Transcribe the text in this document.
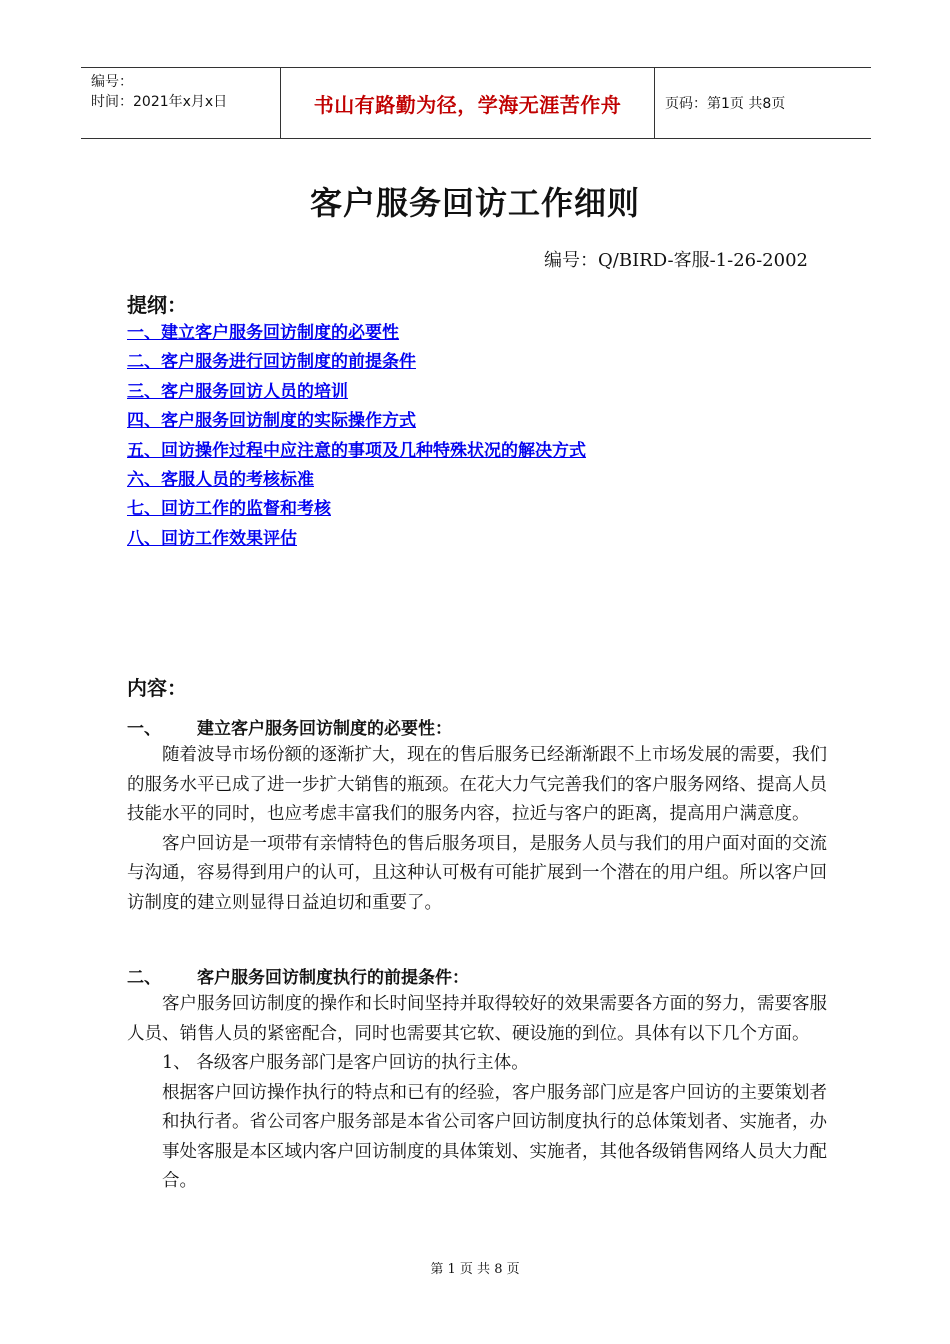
编号：
时间：2021年x月x日	书山有路勤为径，学海无涯苦作舟	页码：第1页 共8页
客户服务回访工作细则
编号：Q/BIRD-客服-1-26-2002
提纲：
一、建立客户服务回访制度的必要性
二、客户服务进行回访制度的前提条件
三、客户服务回访人员的培训
四、客户服务回访制度的实际操作方式
五、回访操作过程中应注意的事项及几种特殊状况的解决方式
六、客服人员的考核标准
七、回访工作的监督和考核
八、回访工作效果评估
内容：
一、 建立客户服务回访制度的必要性：

随着波导市场份额的逐渐扩大，现在的售后服务已经渐渐跟不上市场发展的需要，我们的服务水平已成了进一步扩大销售的瓶颈。在花大力气完善我们的客户服务网络、提高人员技能水平的同时，也应考虑丰富我们的服务内容，拉近与客户的距离，提高用户满意度。

客户回访是一项带有亲情特色的售后服务项目，是服务人员与我们的用户面对面的交流与沟通，容易得到用户的认可，且这种认可极有可能扩展到一个潜在的用户组。所以客户回访制度的建立则显得日益迫切和重要了。

二、 客户服务回访制度执行的前提条件：

客户服务回访制度的操作和长时间坚持并取得较好的效果需要各方面的努力，需要客服人员、销售人员的紧密配合，同时也需要其它软、硬设施的到位。具体有以下几个方面。

1、 各级客户服务部门是客户回访的执行主体。

根据客户回访操作执行的特点和已有的经验，客户服务部门应是客户回访的主要策划者和执行者。省公司客户服务部是本省公司客户回访制度执行的总体策划者、实施者，办事处客服是本区域内客户回访制度的具体策划、实施者，其他各级销售网络人员大力配合。

第 1 页 共 8 页
